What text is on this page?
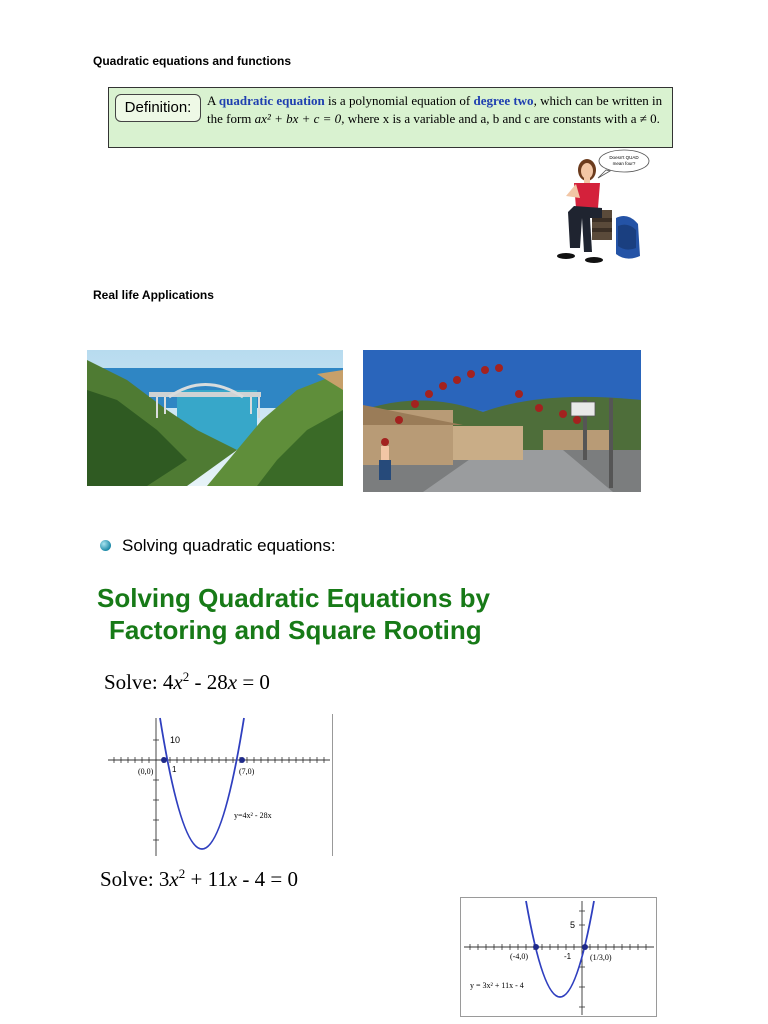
Quadratic equations and functions
Definition:	A quadratic equation is a polynomial equation of degree two, which can be written in the form ax² + bx + c = 0, where x is a variable and a, b and c are constants with a ≠ 0.
Doesn't QUAD
mean four?
Real life Applications
Solving quadratic equations:
Solving Quadratic Equations by
Factoring and Square Rooting
Solve: $4x^2 - 28x = 0$
10
1
(0,0)	(7,0)
y=4x² - 28x
Solve: $3x^2 + 11x - 4 = 0$
5
-1
(-4,0)	(1/3,0)
y = 3x² + 11x - 4
